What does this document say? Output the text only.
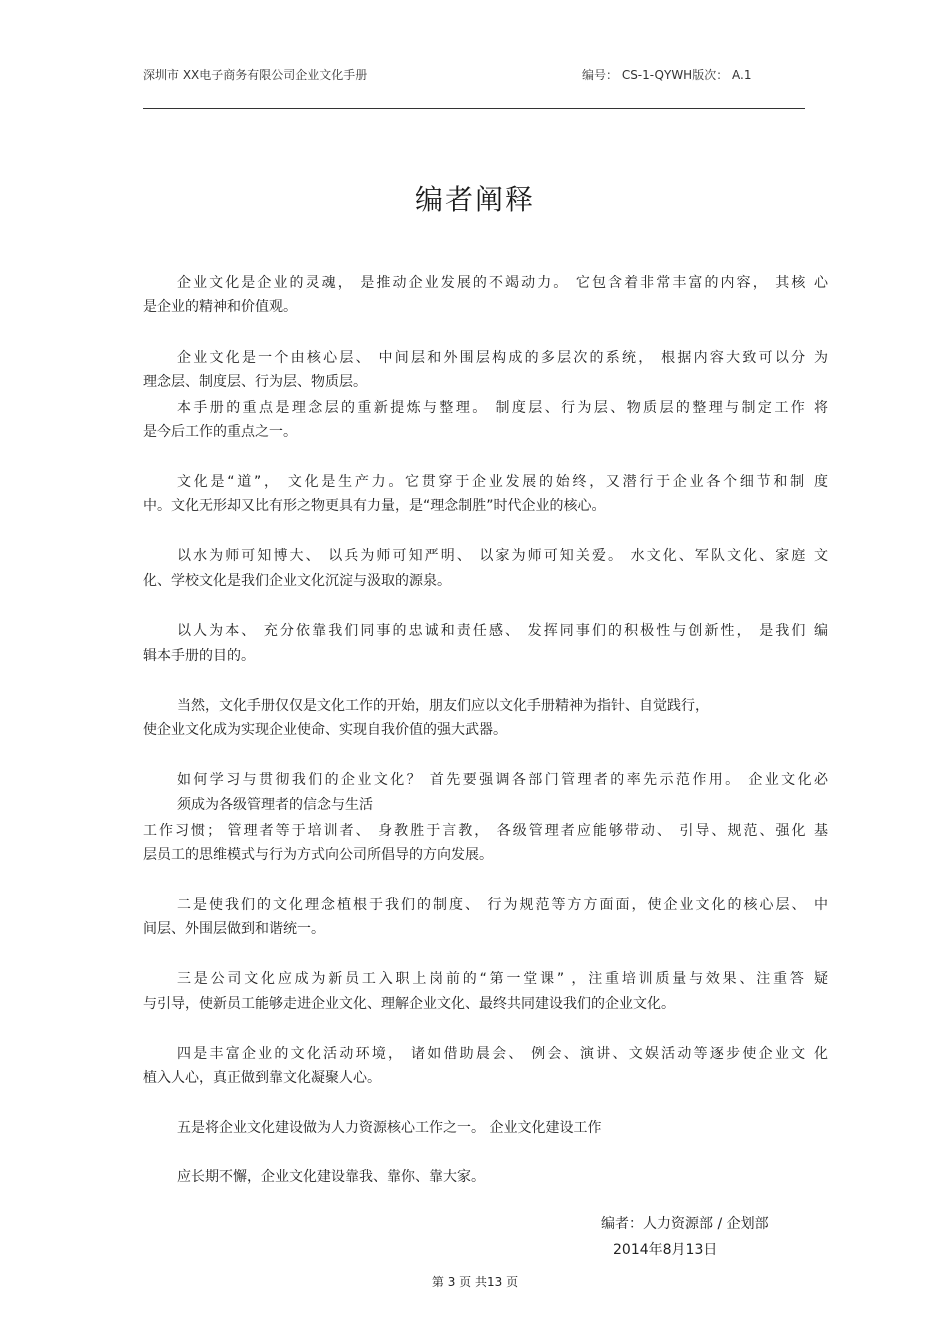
深圳市 XX电子商务有限公司企业文化手册	编号： CS-1-QYWH版次： A.1
编者阐释
企业文化是企业的灵魂， 是推动企业发展的不竭动力。 它包含着非常丰富的内容， 其核 心
是企业的精神和价值观。
企业文化是一个由核心层、 中间层和外围层构成的多层次的系统， 根据内容大致可以分 为
理念层、制度层、行为层、物质层。
本手册的重点是理念层的重新提炼与整理。 制度层、行为层、物质层的整理与制定工作 将
是今后工作的重点之一。
文化是“道”， 文化是生产力。它贯穿于企业发展的始终，又潜行于企业各个细节和制 度
中。文化无形却又比有形之物更具有力量，是“理念制胜”时代企业的核心。
以水为师可知博大、 以兵为师可知严明、 以家为师可知关爱。 水文化、军队文化、家庭 文
化、学校文化是我们企业文化沉淀与汲取的源泉。
以人为本、 充分依靠我们同事的忠诚和责任感、 发挥同事们的积极性与创新性， 是我们 编
辑本手册的目的。
当然，文化手册仅仅是文化工作的开始，朋友们应以文化手册精神为指针、自觉践行，
使企业文化成为实现企业使命、实现自我价值的强大武器。
如何学习与贯彻我们的企业文化？ 首先要强调各部门管理者的率先示范作用。 企业文化必
须成为各级管理者的信念与生活
工作习惯； 管理者等于培训者、 身教胜于言教， 各级管理者应能够带动、 引导、规范、强化 基
层员工的思维模式与行为方式向公司所倡导的方向发展。
二是使我们的文化理念植根于我们的制度、 行为规范等方方面面，使企业文化的核心层、 中
间层、外围层做到和谐统一。
三是公司文化应成为新员工入职上岗前的“第一堂课” ，注重培训质量与效果、注重答 疑
与引导，使新员工能够走进企业文化、理解企业文化、最终共同建设我们的企业文化。
四是丰富企业的文化活动环境， 诸如借助晨会、 例会、演讲、文娱活动等逐步使企业文 化
植入人心，真正做到靠文化凝聚人心。
五是将企业文化建设做为人力资源核心工作之一。 企业文化建设工作
应长期不懈，企业文化建设靠我、靠你、靠大家。
编者：人力资源部 / 企划部
2014年8月13日
第 3 页 共13 页
